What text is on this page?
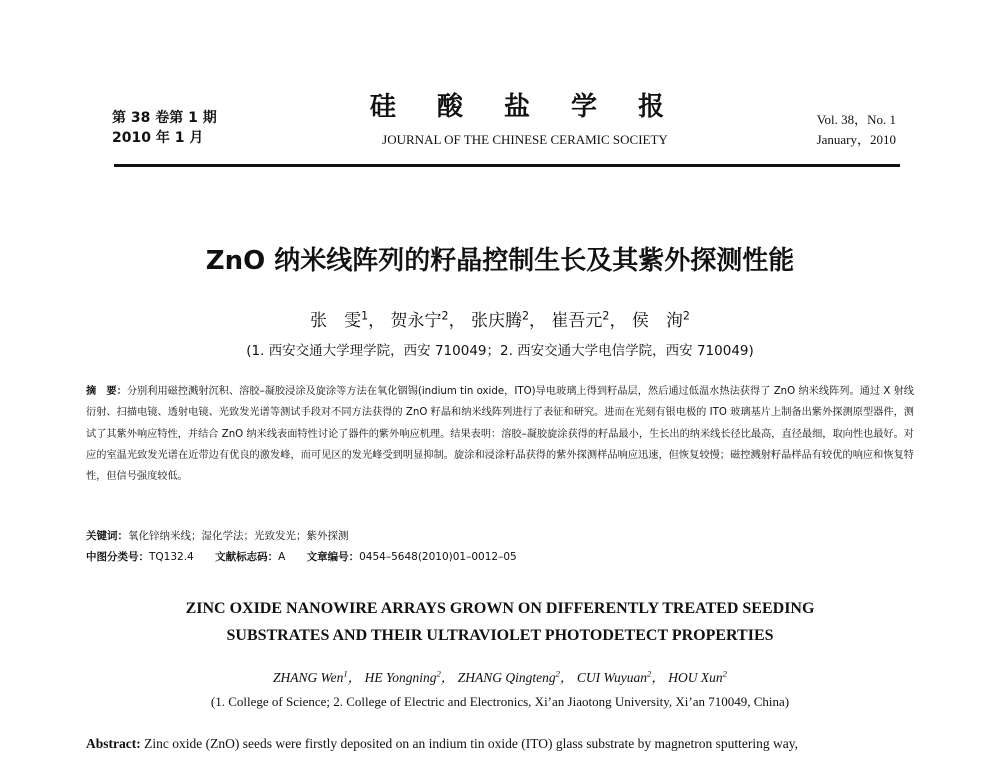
第 38 卷第 1 期
2010 年 1 月
硅 酸 盐 学 报
JOURNAL OF THE CHINESE CERAMIC SOCIETY
Vol. 38，No. 1
January，2010
ZnO 纳米线阵列的籽晶控制生长及其紫外探测性能
张　雯$^1$， 贺永宁$^2$， 张庆腾$^2$， 崔吾元$^2$， 侯　洵$^2$
(1. 西安交通大学理学院，西安 710049；2. 西安交通大学电信学院，西安 710049)
摘　要：分别利用磁控溅射沉积、溶胶–凝胶浸涂及旋涂等方法在氧化铟锡(indium tin oxide，ITO)导电玻璃上得到籽晶层，然后通过低温水热法获得了 ZnO 纳米线阵列。通过 X 射线衍射、扫描电镜、透射电镜、光致发光谱等测试手段对不同方法获得的 ZnO 籽晶和纳米线阵列进行了表征和研究。进而在光刻有银电极的 ITO 玻璃基片上制备出紫外探测原型器件，测试了其紫外响应特性，并结合 ZnO 纳米线表面特性讨论了器件的紫外响应机理。结果表明：溶胶–凝胶旋涂获得的籽晶最小，生长出的纳米线长径比最高，直径最细，取向性也最好。对应的室温光致发光谱在近带边有优良的激发峰，而可见区的发光峰受到明显抑制。旋涂和浸涂籽晶获得的紫外探测样品响应迅速，但恢复较慢；磁控溅射籽晶样品有较优的响应和恢复特性，但信号强度较低。
关键词：氧化锌纳米线；湿化学法；光致发光；紫外探测
中图分类号：TQ132.4 文献标志码：A 文章编号：0454–5648(2010)01–0012–05
ZINC OXIDE NANOWIRE ARRAYS GROWN ON DIFFERENTLY TREATED SEEDING
SUBSTRATES AND THEIR ULTRAVIOLET PHOTODETECT PROPERTIES
ZHANG Wen$^1$， HE Yongning$^2$， ZHANG Qingteng$^2$， CUI Wuyuan$^2$， HOU Xun$^2$
(1. College of Science; 2. College of Electric and Electronics, Xi’an Jiaotong University, Xi’an 710049, China)
Abstract: Zinc oxide (ZnO) seeds were firstly deposited on an indium tin oxide (ITO) glass substrate by magnetron sputtering way,
